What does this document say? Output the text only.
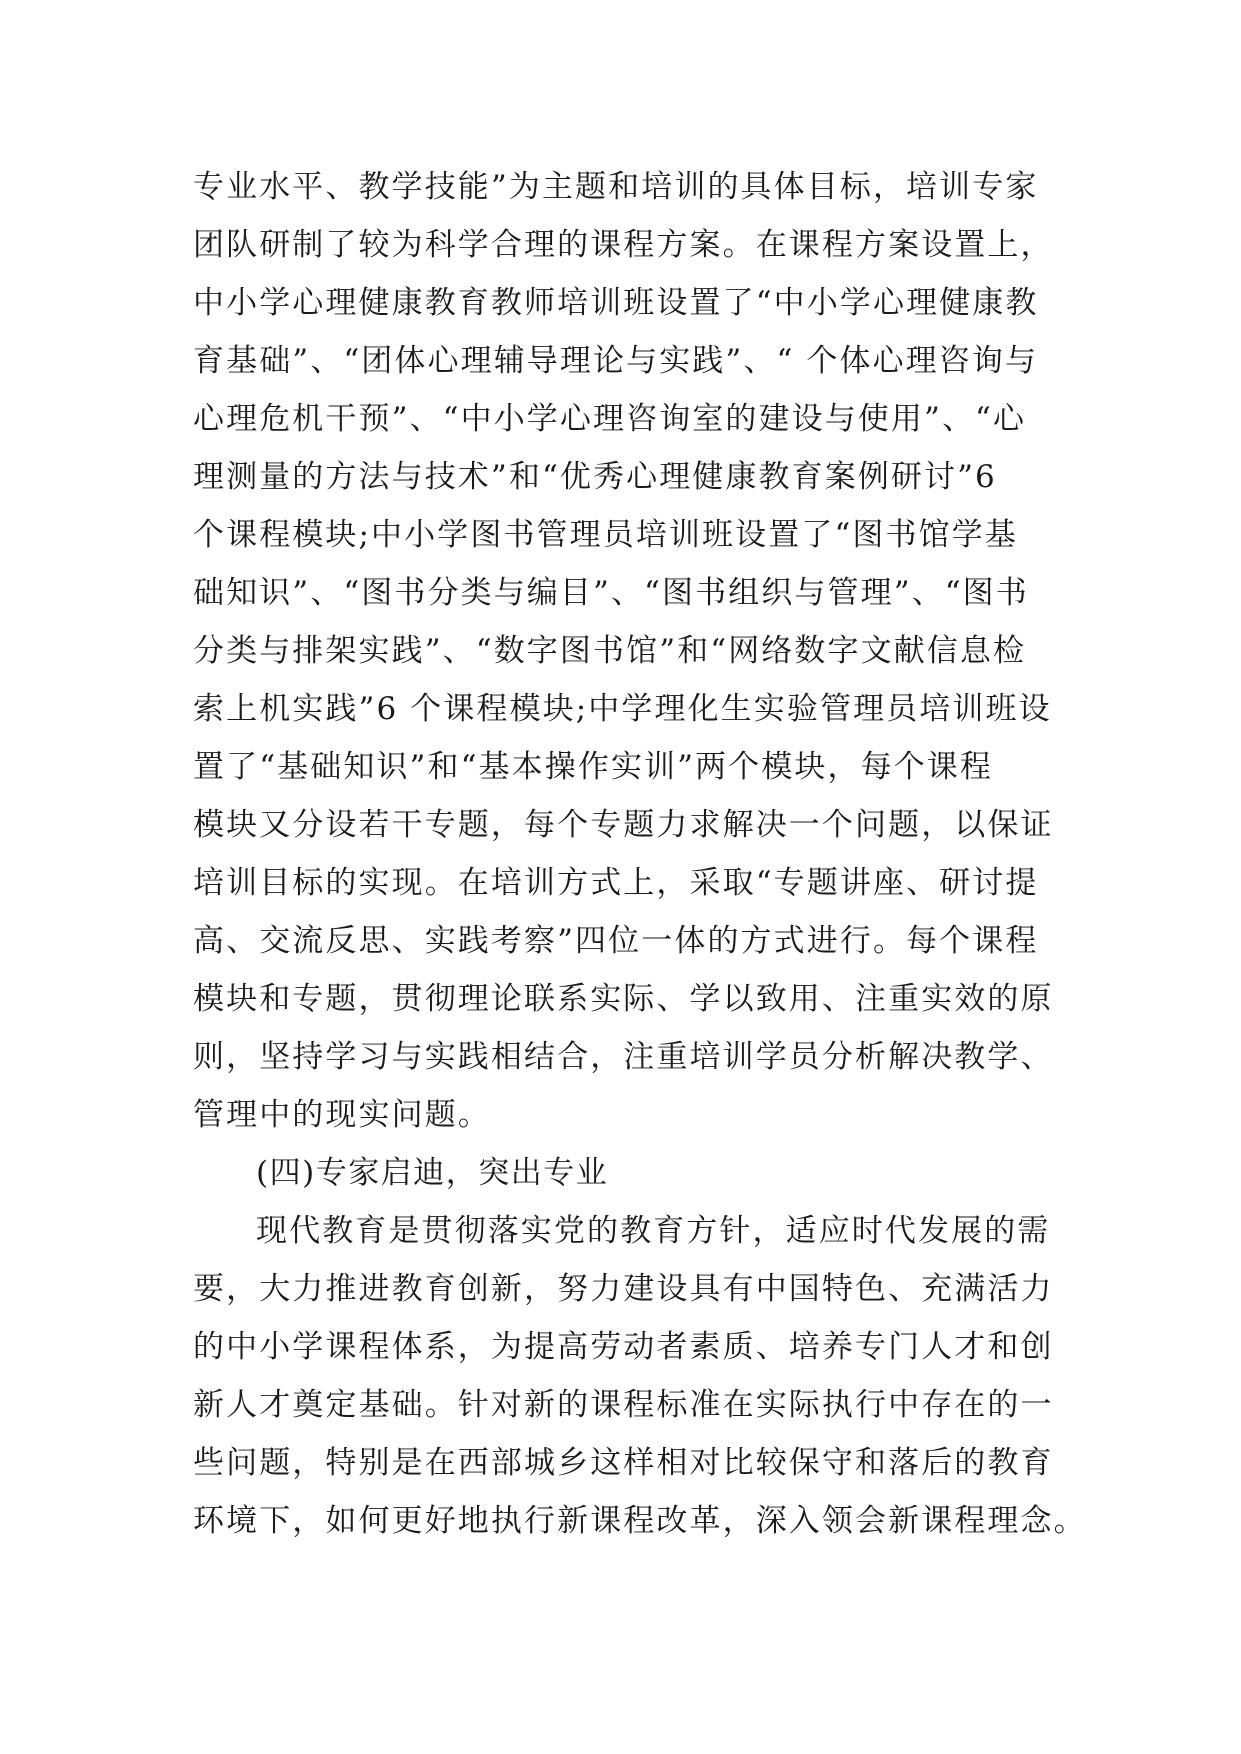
专业水平、教学技能”为主题和培训的具体目标，培训专家
团队研制了较为科学合理的课程方案。在课程方案设置上，
中小学心理健康教育教师培训班设置了“中小学心理健康教
育基础”、“团体心理辅导理论与实践”、“ 个体心理咨询与
心理危机干预”、“中小学心理咨询室的建设与使用”、“心
理测量的方法与技术”和“优秀心理健康教育案例研讨”6
个课程模块;中小学图书管理员培训班设置了“图书馆学基
础知识”、“图书分类与编目”、“图书组织与管理”、“图书
分类与排架实践”、“数字图书馆”和“网络数字文献信息检
索上机实践”6 个课程模块;中学理化生实验管理员培训班设
置了“基础知识”和“基本操作实训”两个模块，每个课程
模块又分设若干专题，每个专题力求解决一个问题，以保证
培训目标的实现。在培训方式上，采取“专题讲座、研讨提
高、交流反思、实践考察”四位一体的方式进行。每个课程
模块和专题，贯彻理论联系实际、学以致用、注重实效的原
则，坚持学习与实践相结合，注重培训学员分析解决教学、
管理中的现实问题。
(四)专家启迪，突出专业
现代教育是贯彻落实党的教育方针，适应时代发展的需
要，大力推进教育创新，努力建设具有中国特色、充满活力
的中小学课程体系，为提高劳动者素质、培养专门人才和创
新人才奠定基础。针对新的课程标准在实际执行中存在的一
些问题，特别是在西部城乡这样相对比较保守和落后的教育
环境下，如何更好地执行新课程改革，深入领会新课程理念。
